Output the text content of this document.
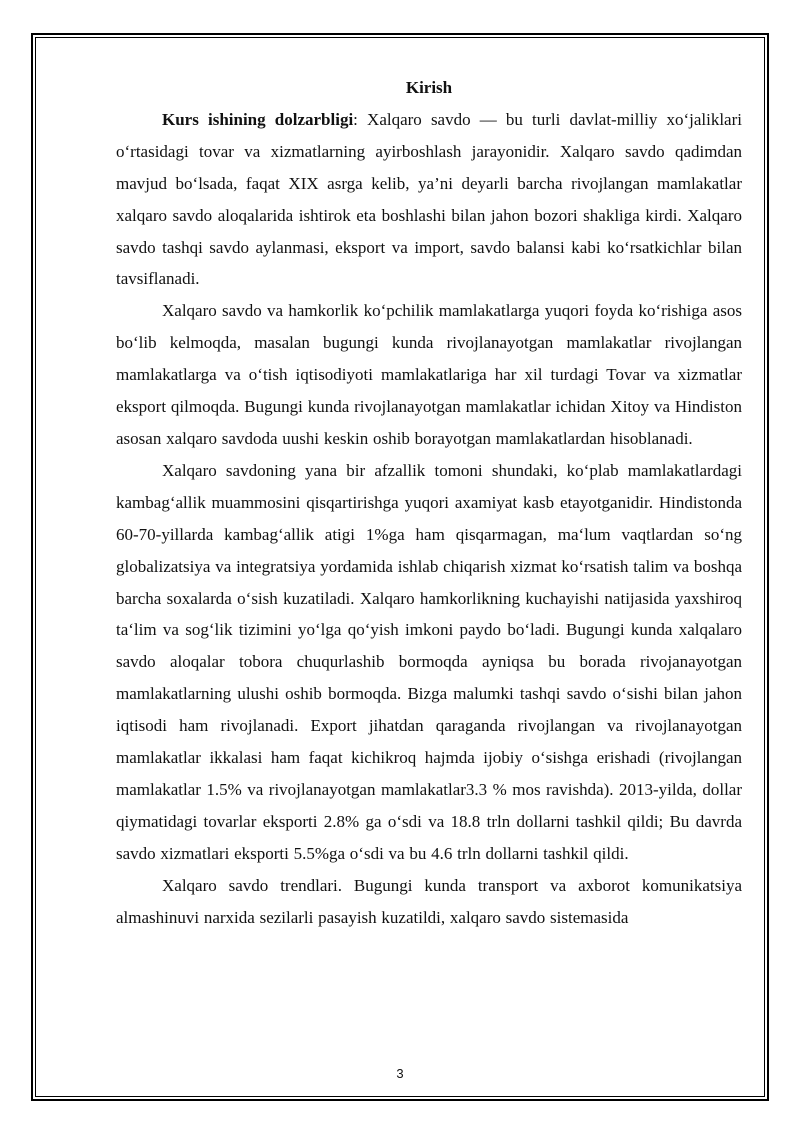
Kirish

Kurs ishining dolzarbligi: Xalqaro savdo — bu turli davlat-milliy xo‘jaliklari o‘rtasidagi tovar va xizmatlarning ayirboshlash jarayonidir. Xalqaro savdo qadimdan mavjud bo‘lsada, faqat XIX asrga kelib, ya’ni deyarli barcha rivojlangan mamlakatlar xalqaro savdo aloqalarida ishtirok eta boshlashi bilan jahon bozori shakliga kirdi. Xalqaro savdo tashqi savdo aylanmasi, eksport va import, savdo balansi kabi ko‘rsatkichlar bilan tavsiflanadi.

Xalqaro savdo va hamkorlik ko‘pchilik mamlakatlarga yuqori foyda ko‘rishiga asos bo‘lib kelmoqda, masalan bugungi kunda rivojlanayotgan mamlakatlar rivojlangan mamlakatlarga va o‘tish iqtisodiyoti mamlakatlariga har xil turdagi Tovar va xizmatlar eksport qilmoqda. Bugungi kunda rivojlanayotgan mamlakatlar ichidan Xitoy va Hindiston asosan xalqaro savdoda uushi keskin oshib borayotgan mamlakatlardan hisoblanadi.

Xalqaro savdoning yana bir afzallik tomoni shundaki, ko‘plab mamlakatlardagi kambag‘allik muammosini qisqartirishga yuqori axamiyat kasb etayotganidir. Hindistonda 60-70-yillarda kambag‘allik atigi 1%ga ham qisqarmagan, ma‘lum vaqtlardan so‘ng globalizatsiya va integratsiya yordamida ishlab chiqarish xizmat ko‘rsatish talim va boshqa barcha soxalarda o‘sish kuzatiladi. Xalqaro hamkorlikning kuchayishi natijasida yaxshiroq ta‘lim va sog‘lik tizimini yo‘lga qo‘yish imkoni paydo bo‘ladi. Bugungi kunda xalqalaro savdo aloqalar tobora chuqurlashib bormoqda ayniqsa bu borada rivojanayotgan mamlakatlarning ulushi oshib bormoqda. Bizga malumki tashqi savdo o‘sishi bilan jahon iqtisodi ham rivojlanadi. Export jihatdan qaraganda rivojlangan va rivojlanayotgan mamlakatlar ikkalasi ham faqat kichikroq hajmda ijobiy o‘sishga erishadi (rivojlangan mamlakatlar 1.5% va rivojlanayotgan mamlakatlar3.3 % mos ravishda). 2013-yilda, dollar qiymatidagi tovarlar eksporti 2.8% ga o‘sdi va 18.8 trln dollarni tashkil qildi; Bu davrda savdo xizmatlari eksporti 5.5%ga o‘sdi va bu 4.6 trln dollarni tashkil qildi.

Xalqaro savdo trendlari. Bugungi kunda transport va axborot komunikatsiya almashinuvi narxida sezilarli pasayish kuzatildi, xalqaro savdo sistemasida

3
